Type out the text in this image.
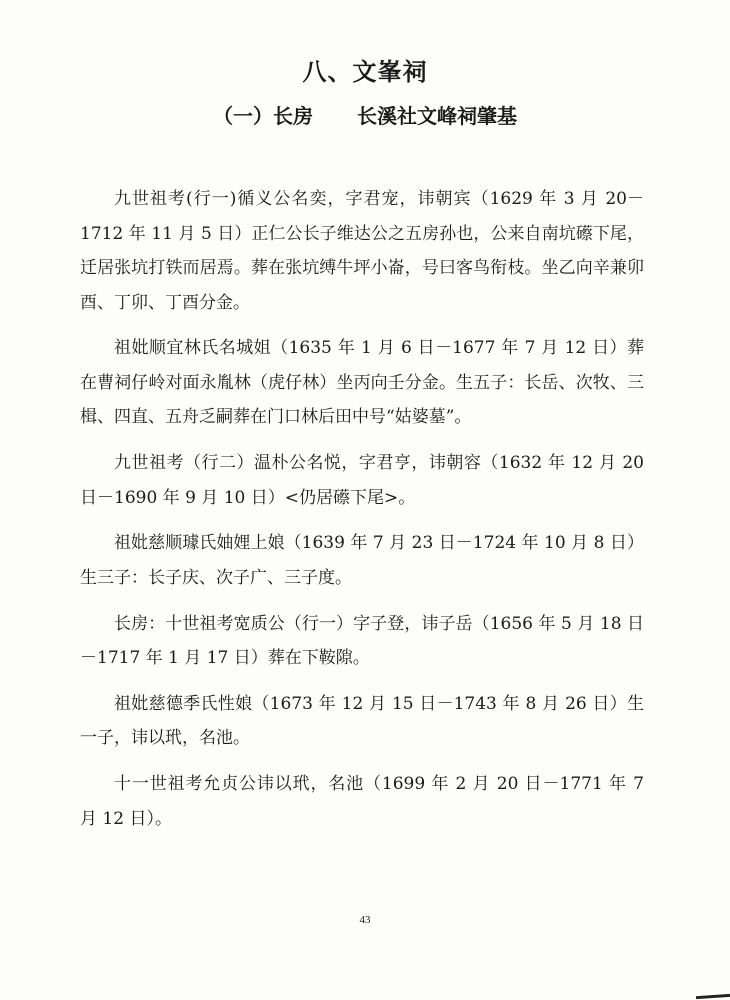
八、文峯祠
（一）长房 长溪社文峰祠肇基

九世祖考(行一)循义公名奕，字君宠，讳朝宾（1629 年 3 月 20－1712 年 11 月 5 日）正仁公长子维达公之五房孙也，公来自南坑礤下尾，迁居张坑打铁而居焉。葬在张坑缚牛坪小崙，号曰客鸟衔枝。坐乙向辛兼卯酉、丁卯、丁酉分金。

祖妣顺宜林氏名城姐（1635 年 1 月 6 日－1677 年 7 月 12 日）葬在曹祠仔岭对面永胤林（虎仔林）坐丙向壬分金。生五子：长岳、次牧、三楫、四直、五舟乏嗣葬在门口林后田中号“姑婆墓”。

九世祖考（行二）温朴公名悦，字君亨，讳朝容（1632 年 12 月 20 日－1690 年 9 月 10 日）<仍居礤下尾>。

祖妣慈顺璩氏妯娌上娘（1639 年 7 月 23 日－1724 年 10 月 8 日）生三子：长子庆、次子广、三子度。

长房：十世祖考宽质公（行一）字子登，讳子岳（1656 年 5 月 18 日－1717 年 1 月 17 日）葬在下鞍隙。

祖妣慈德季氏性娘（1673 年 12 月 15 日－1743 年 8 月 26 日）生一子，讳以玳，名池。

十一世祖考允贞公讳以玳，名池（1699 年 2 月 20 日－1771 年 7 月 12 日）。

43
